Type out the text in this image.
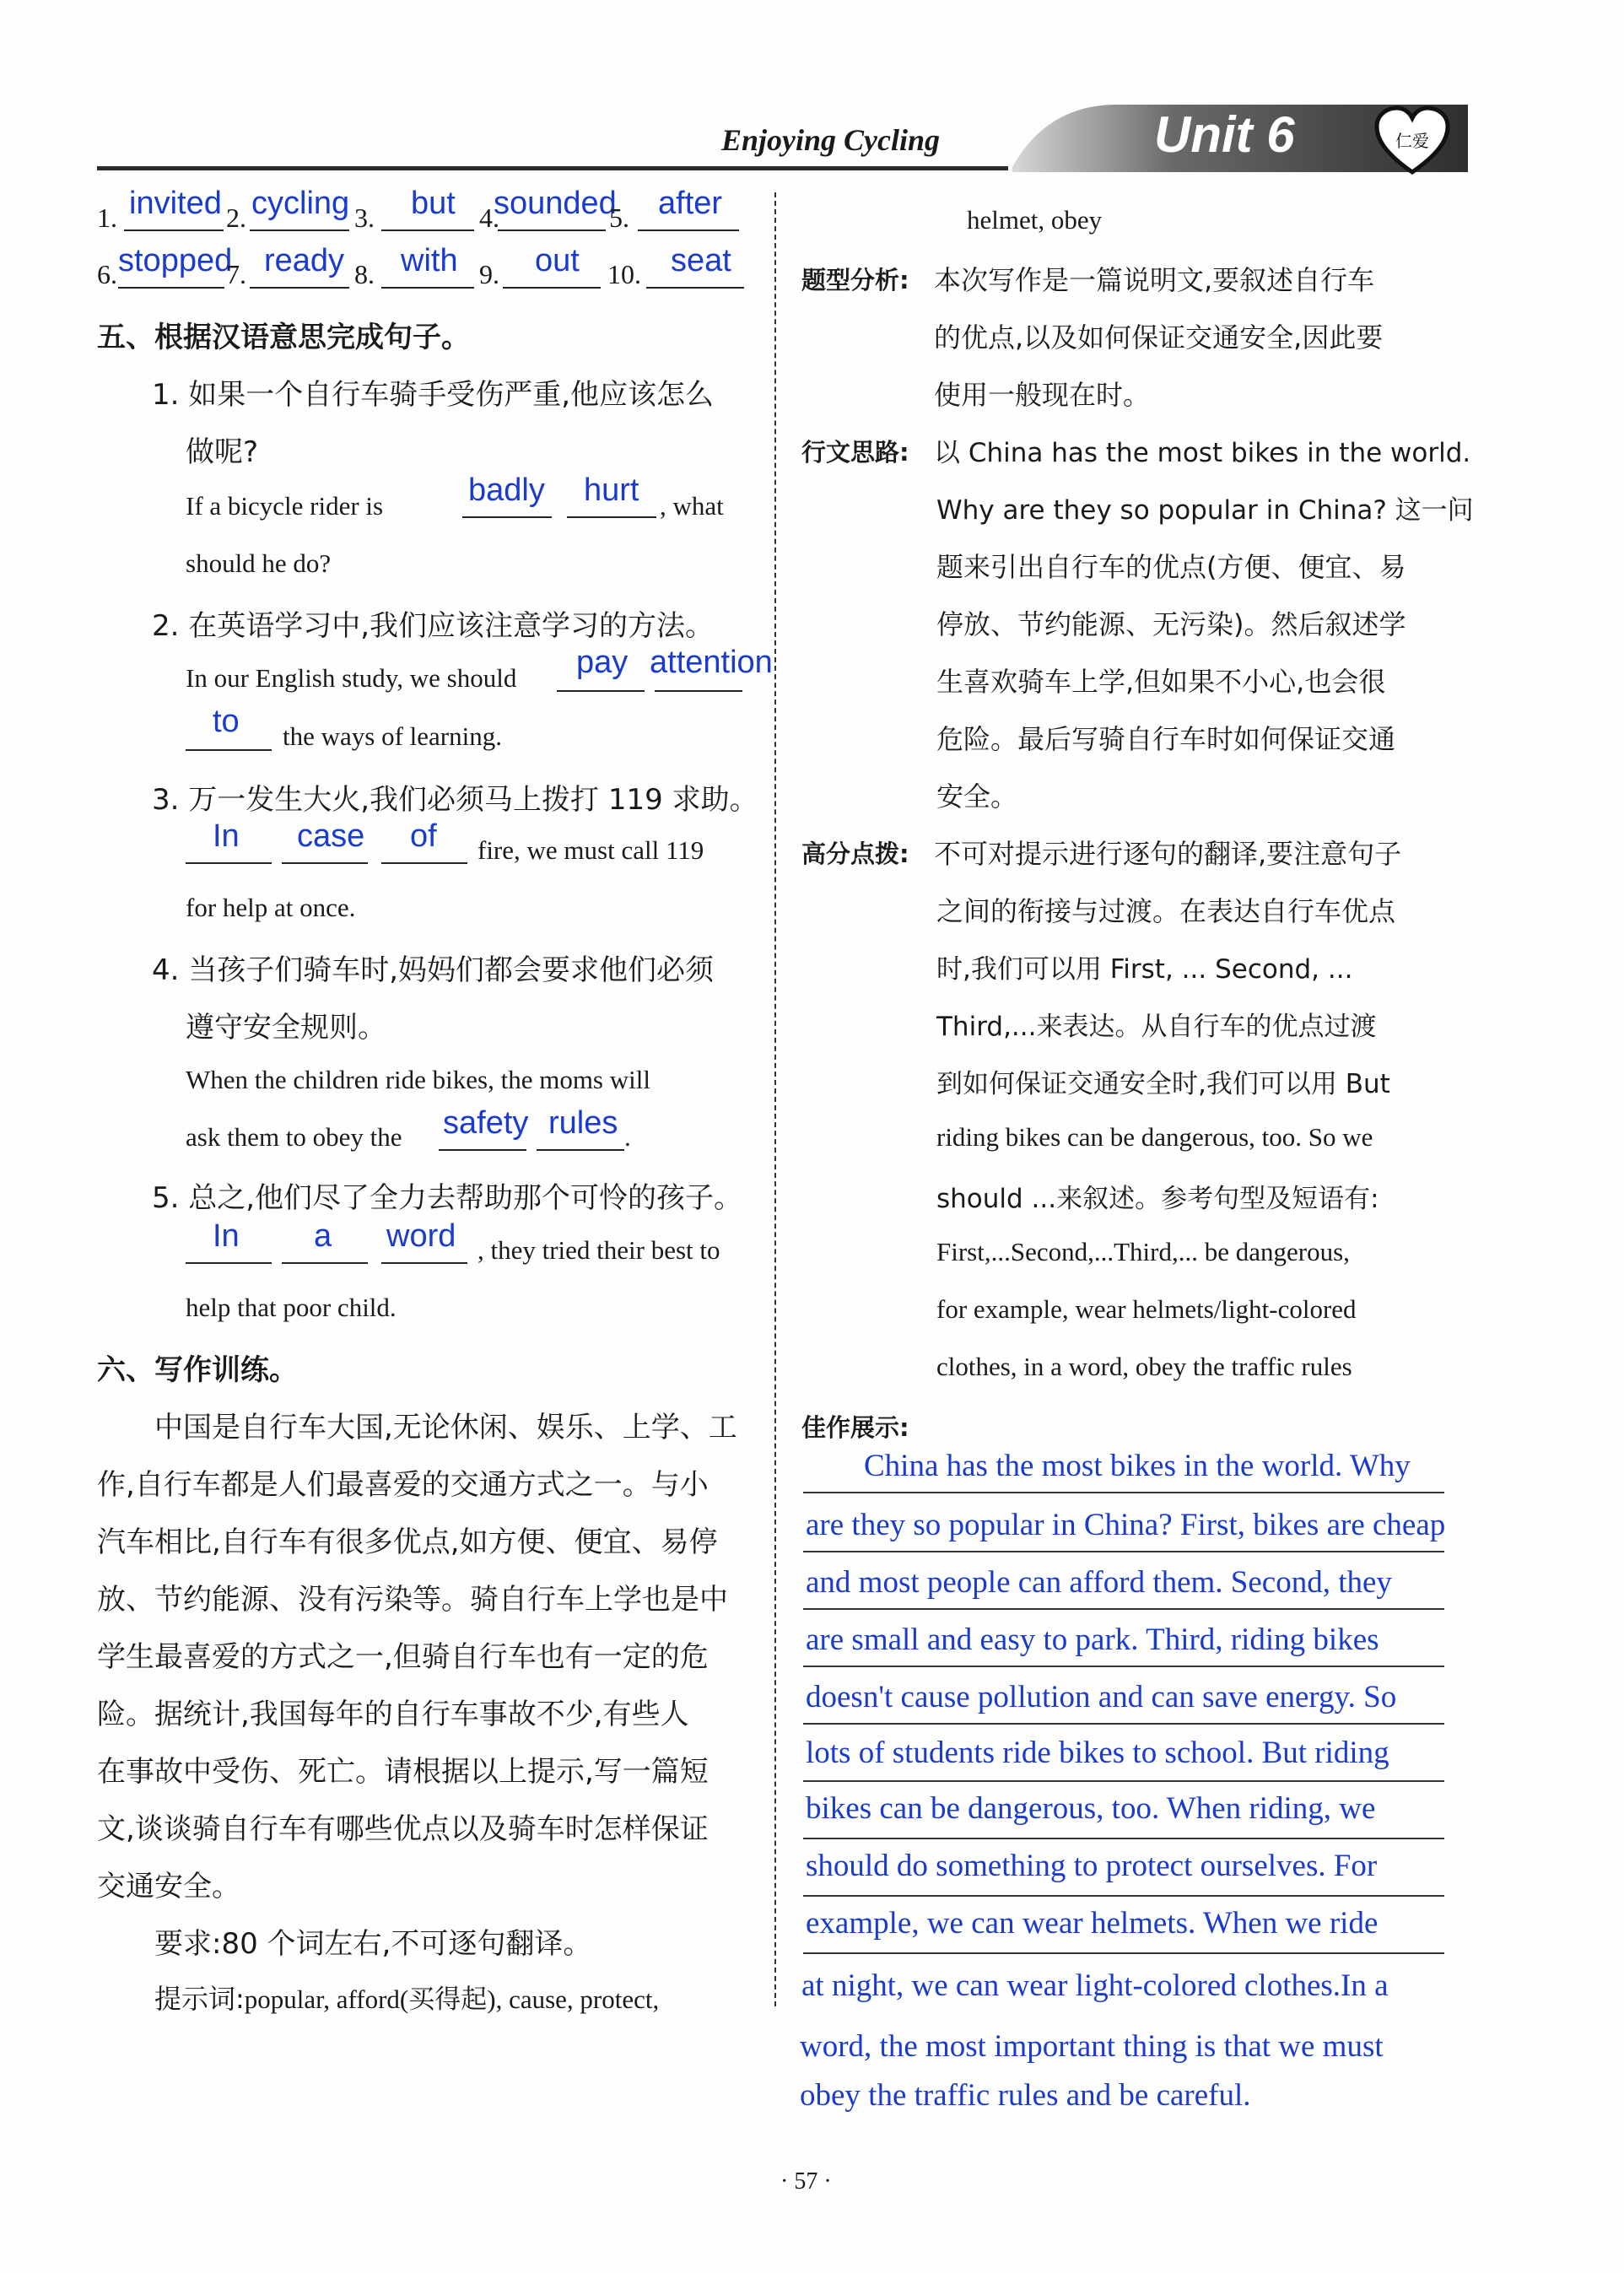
Enjoying Cycling	Unit 6	仁爱
1. invited 2. cycling 3. but 4.
sounded
5. after
6. stopped
7. ready 8. with 9. out 10. seat
五、根据汉语意思完成句子。
1. 如果一个自行车骑手受伤严重,他应该怎么
做呢?
If a bicycle rider is	badly hurt , what
should he do?
2. 在英语学习中,我们应该注意学习的方法。
In our English study, we should pay attention
to the ways of learning.
3. 万一发生大火,我们必须马上拨打 119 求助。
In case of fire, we must call 119
for help at once.
4. 当孩子们骑车时,妈妈们都会要求他们必须
遵守安全规则。
When the children ride bikes, the moms will
ask them to obey the safety rules .
5. 总之,他们尽了全力去帮助那个可怜的孩子。
In a word , they tried their best to
help that poor child.
六、写作训练。
中国是自行车大国,无论休闲、娱乐、上学、工
作,自行车都是人们最喜爱的交通方式之一。与小
汽车相比,自行车有很多优点,如方便、便宜、易停
放、节约能源、没有污染等。骑自行车上学也是中
学生最喜爱的方式之一,但骑自行车也有一定的危
险。据统计,我国每年的自行车事故不少,有些人
在事故中受伤、死亡。请根据以上提示,写一篇短
文,谈谈骑自行车有哪些优点以及骑车时怎样保证
交通安全。
要求:80 个词左右,不可逐句翻译。
提示词:popular, afford(买得起), cause, protect,
helmet, obey
题型分析: 本次写作是一篇说明文,要叙述自行车
的优点,以及如何保证交通安全,因此要
使用一般现在时。
行文思路: 以 China has the most bikes in the world.
Why are they so popular in China? 这一问
题来引出自行车的优点(方便、便宜、易
停放、节约能源、无污染)。然后叙述学
生喜欢骑车上学,但如果不小心,也会很
危险。最后写骑自行车时如何保证交通
安全。
高分点拨: 不可对提示进行逐句的翻译,要注意句子
之间的衔接与过渡。在表达自行车优点
时,我们可以用 First, ... Second, ...
Third,...来表达。从自行车的优点过渡
到如何保证交通安全时,我们可以用 But
riding bikes can be dangerous, too. So we
should ...来叙述。参考句型及短语有:
First,...Second,...Third,... be dangerous,
for example, wear helmets/light-colored
clothes, in a word, obey the traffic rules
佳作展示:
China has the most bikes in the world. Why
are they so popular in China? First, bikes are cheap
and most people can afford them. Second, they
are small and easy to park. Third, riding bikes
doesn't cause pollution and can save energy. So
lots of students ride bikes to school. But riding
bikes can be dangerous, too. When riding, we
should do something to protect ourselves. For
example, we can wear helmets. When we ride
at night, we can wear light-colored clothes.In a
word, the most important thing is that we must
obey the traffic rules and be careful.
· 57 ·
